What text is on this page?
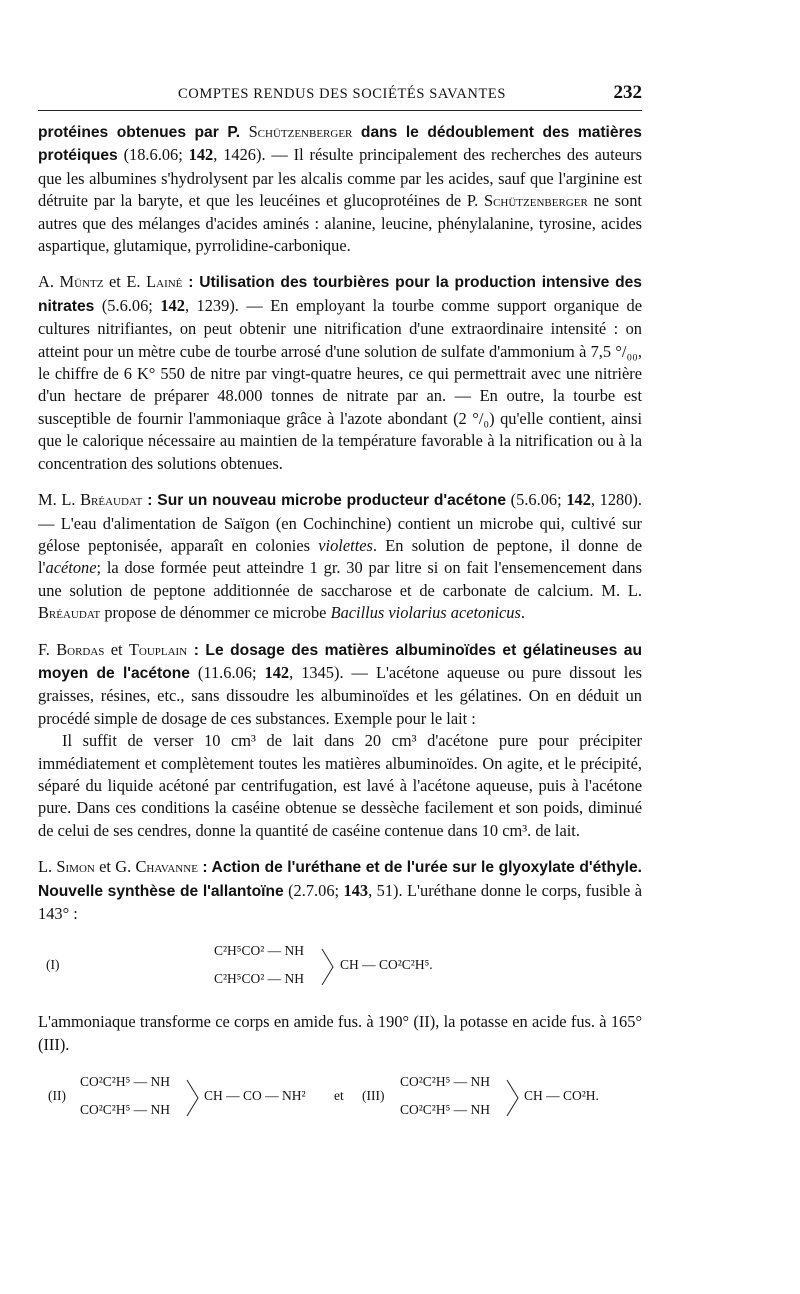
COMPTES RENDUS DES SOCIÉTÉS SAVANTES	232

protéines obtenues par P. Schützenberger dans le dédoublement des matières protéiques (18.6.06; 142, 1426). — Il résulte principalement des recherches des auteurs que les albumines s'hydrolysent par les alcalis comme par les acides, sauf que l'arginine est détruite par la baryte, et que les leucéines et glucoprotéines de P. Schützenberger ne sont autres que des mélanges d'acides aminés : alanine, leucine, phénylalanine, tyrosine, acides aspartique, glutamique, pyrrolidine-carbonique.

A. Müntz et E. Lainé : Utilisation des tourbières pour la production intensive des nitrates (5.6.06; 142, 1239). — En employant la tourbe comme support organique de cultures nitrifiantes, on peut obtenir une nitrification d'une extraordinaire intensité : on atteint pour un mètre cube de tourbe arrosé d'une solution de sulfate d'ammonium à 7,5 °/₀₀, le chiffre de 6 K° 550 de nitre par vingt-quatre heures, ce qui permettrait avec une nitrière d'un hectare de préparer 48.000 tonnes de nitrate par an. — En outre, la tourbe est susceptible de fournir l'ammoniaque grâce à l'azote abondant (2 °/₀) qu'elle contient, ainsi que le calorique nécessaire au maintien de la température favorable à la nitrification ou à la concentration des solutions obtenues.

M. L. Bréaudat : Sur un nouveau microbe producteur d'acétone (5.6.06; 142, 1280). — L'eau d'alimentation de Saïgon (en Cochinchine) contient un microbe qui, cultivé sur gélose peptonisée, apparaît en colonies violettes. En solution de peptone, il donne de l'acétone; la dose formée peut atteindre 1 gr. 30 par litre si on fait l'ensemencement dans une solution de peptone additionnée de saccharose et de carbonate de calcium. M. L. Bréaudat propose de dénommer ce microbe Bacillus violarius acetonicus.

F. Bordas et Touplain : Le dosage des matières albuminoïdes et gélatineuses au moyen de l'acétone (11.6.06; 142, 1345). — L'acétone aqueuse ou pure dissout les graisses, résines, etc., sans dissoudre les albuminoïdes et les gélatines. On en déduit un procédé simple de dosage de ces substances. Exemple pour le lait :

Il suffit de verser 10 cm³ de lait dans 20 cm³ d'acétone pure pour précipiter immédiatement et complètement toutes les matières albuminoïdes. On agite, et le précipité, séparé du liquide acétoné par centrifugation, est lavé à l'acétone aqueuse, puis à l'acétone pure. Dans ces conditions la caséine obtenue se dessèche facilement et son poids, diminué de celui de ses cendres, donne la quantité de caséine contenue dans 10 cm³. de lait.

L. Simon et G. Chavanne : Action de l'uréthane et de l'urée sur le glyoxylate d'éthyle. Nouvelle synthèse de l'allantoïne (2.7.06; 143, 51). L'uréthane donne le corps, fusible à 143° :

(I)
C²H⁵CO² — NH
C²H⁵CO² — NH
CH — CO²C²H⁵.

L'ammoniaque transforme ce corps en amide fus. à 190° (II), la potasse en acide fus. à 165° (III).

(II)
CO²C²H⁵ — NH
CO²C²H⁵ — NH
CH — CO — NH² et (III)
CO²C²H⁵ — NH
CO²C²H⁵ — NH
CH — CO²H.
